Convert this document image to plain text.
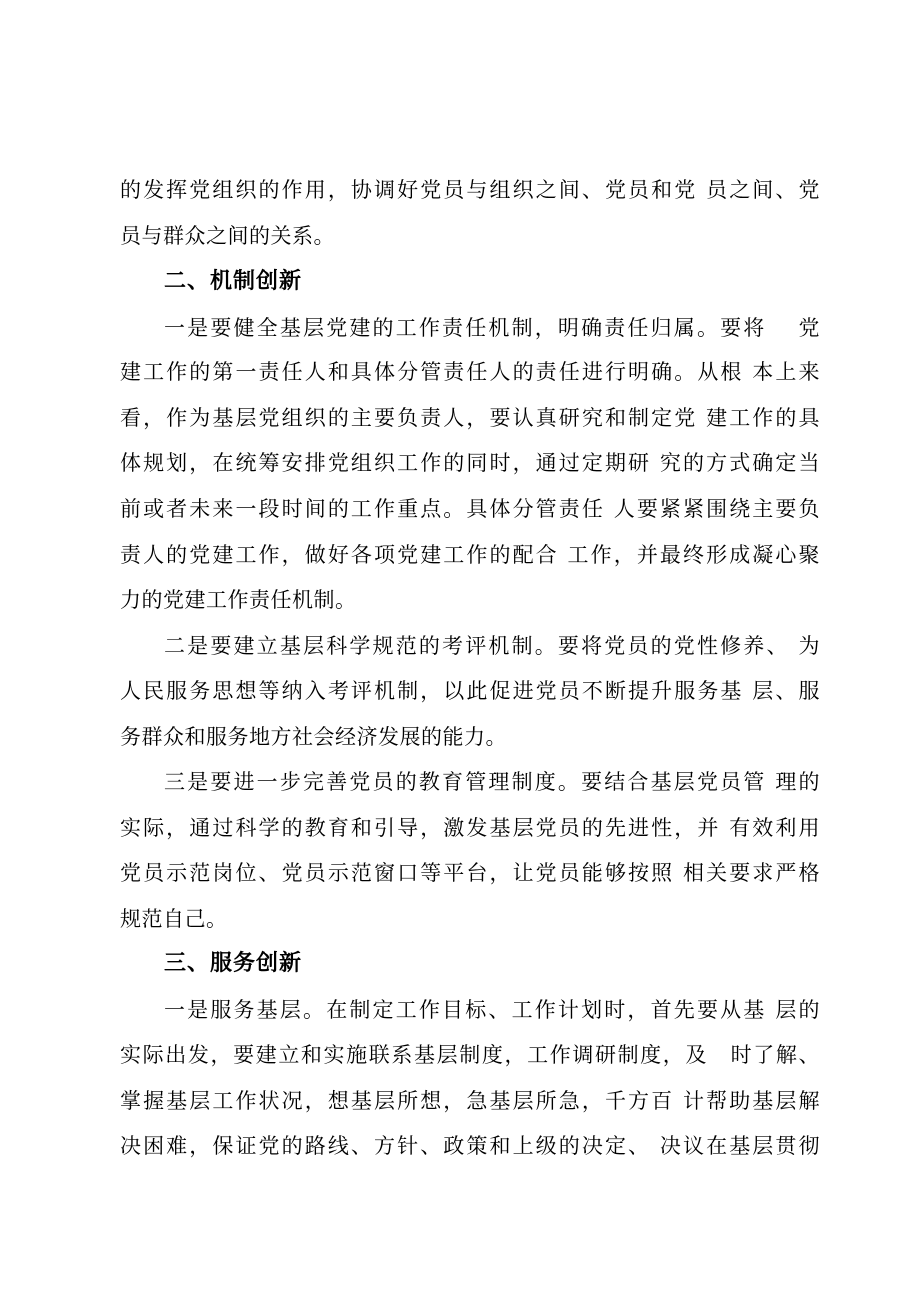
的发挥党组织的作用，协调好党员与组织之间、党员和党 员之间、党
员与群众之间的关系。
二、机制创新
一是要健全基层党建的工作责任机制，明确责任归属。要将　 党
建工作的第一责任人和具体分管责任人的责任进行明确。从根 本上来
看，作为基层党组织的主要负责人，要认真研究和制定党 建工作的具
体规划，在统筹安排党组织工作的同时，通过定期研 究的方式确定当
前或者未来一段时间的工作重点。具体分管责任 人要紧紧围绕主要负
责人的党建工作，做好各项党建工作的配合 工作，并最终形成凝心聚
力的党建工作责任机制。
二是要建立基层科学规范的考评机制。要将党员的党性修养、 为
人民服务思想等纳入考评机制，以此促进党员不断提升服务基 层、服
务群众和服务地方社会经济发展的能力。
三是要进一步完善党员的教育管理制度。要结合基层党员管 理的
实际，通过科学的教育和引导，激发基层党员的先进性，并 有效利用
党员示范岗位、党员示范窗口等平台，让党员能够按照 相关要求严格
规范自己。
三、服务创新
一是服务基层。在制定工作目标、工作计划时，首先要从基 层的
实际出发，要建立和实施联系基层制度，工作调研制度，及　时了解、
掌握基层工作状况，想基层所想，急基层所急，千方百 计帮助基层解
决困难，保证党的路线、方针、政策和上级的决定、 决议在基层贯彻
